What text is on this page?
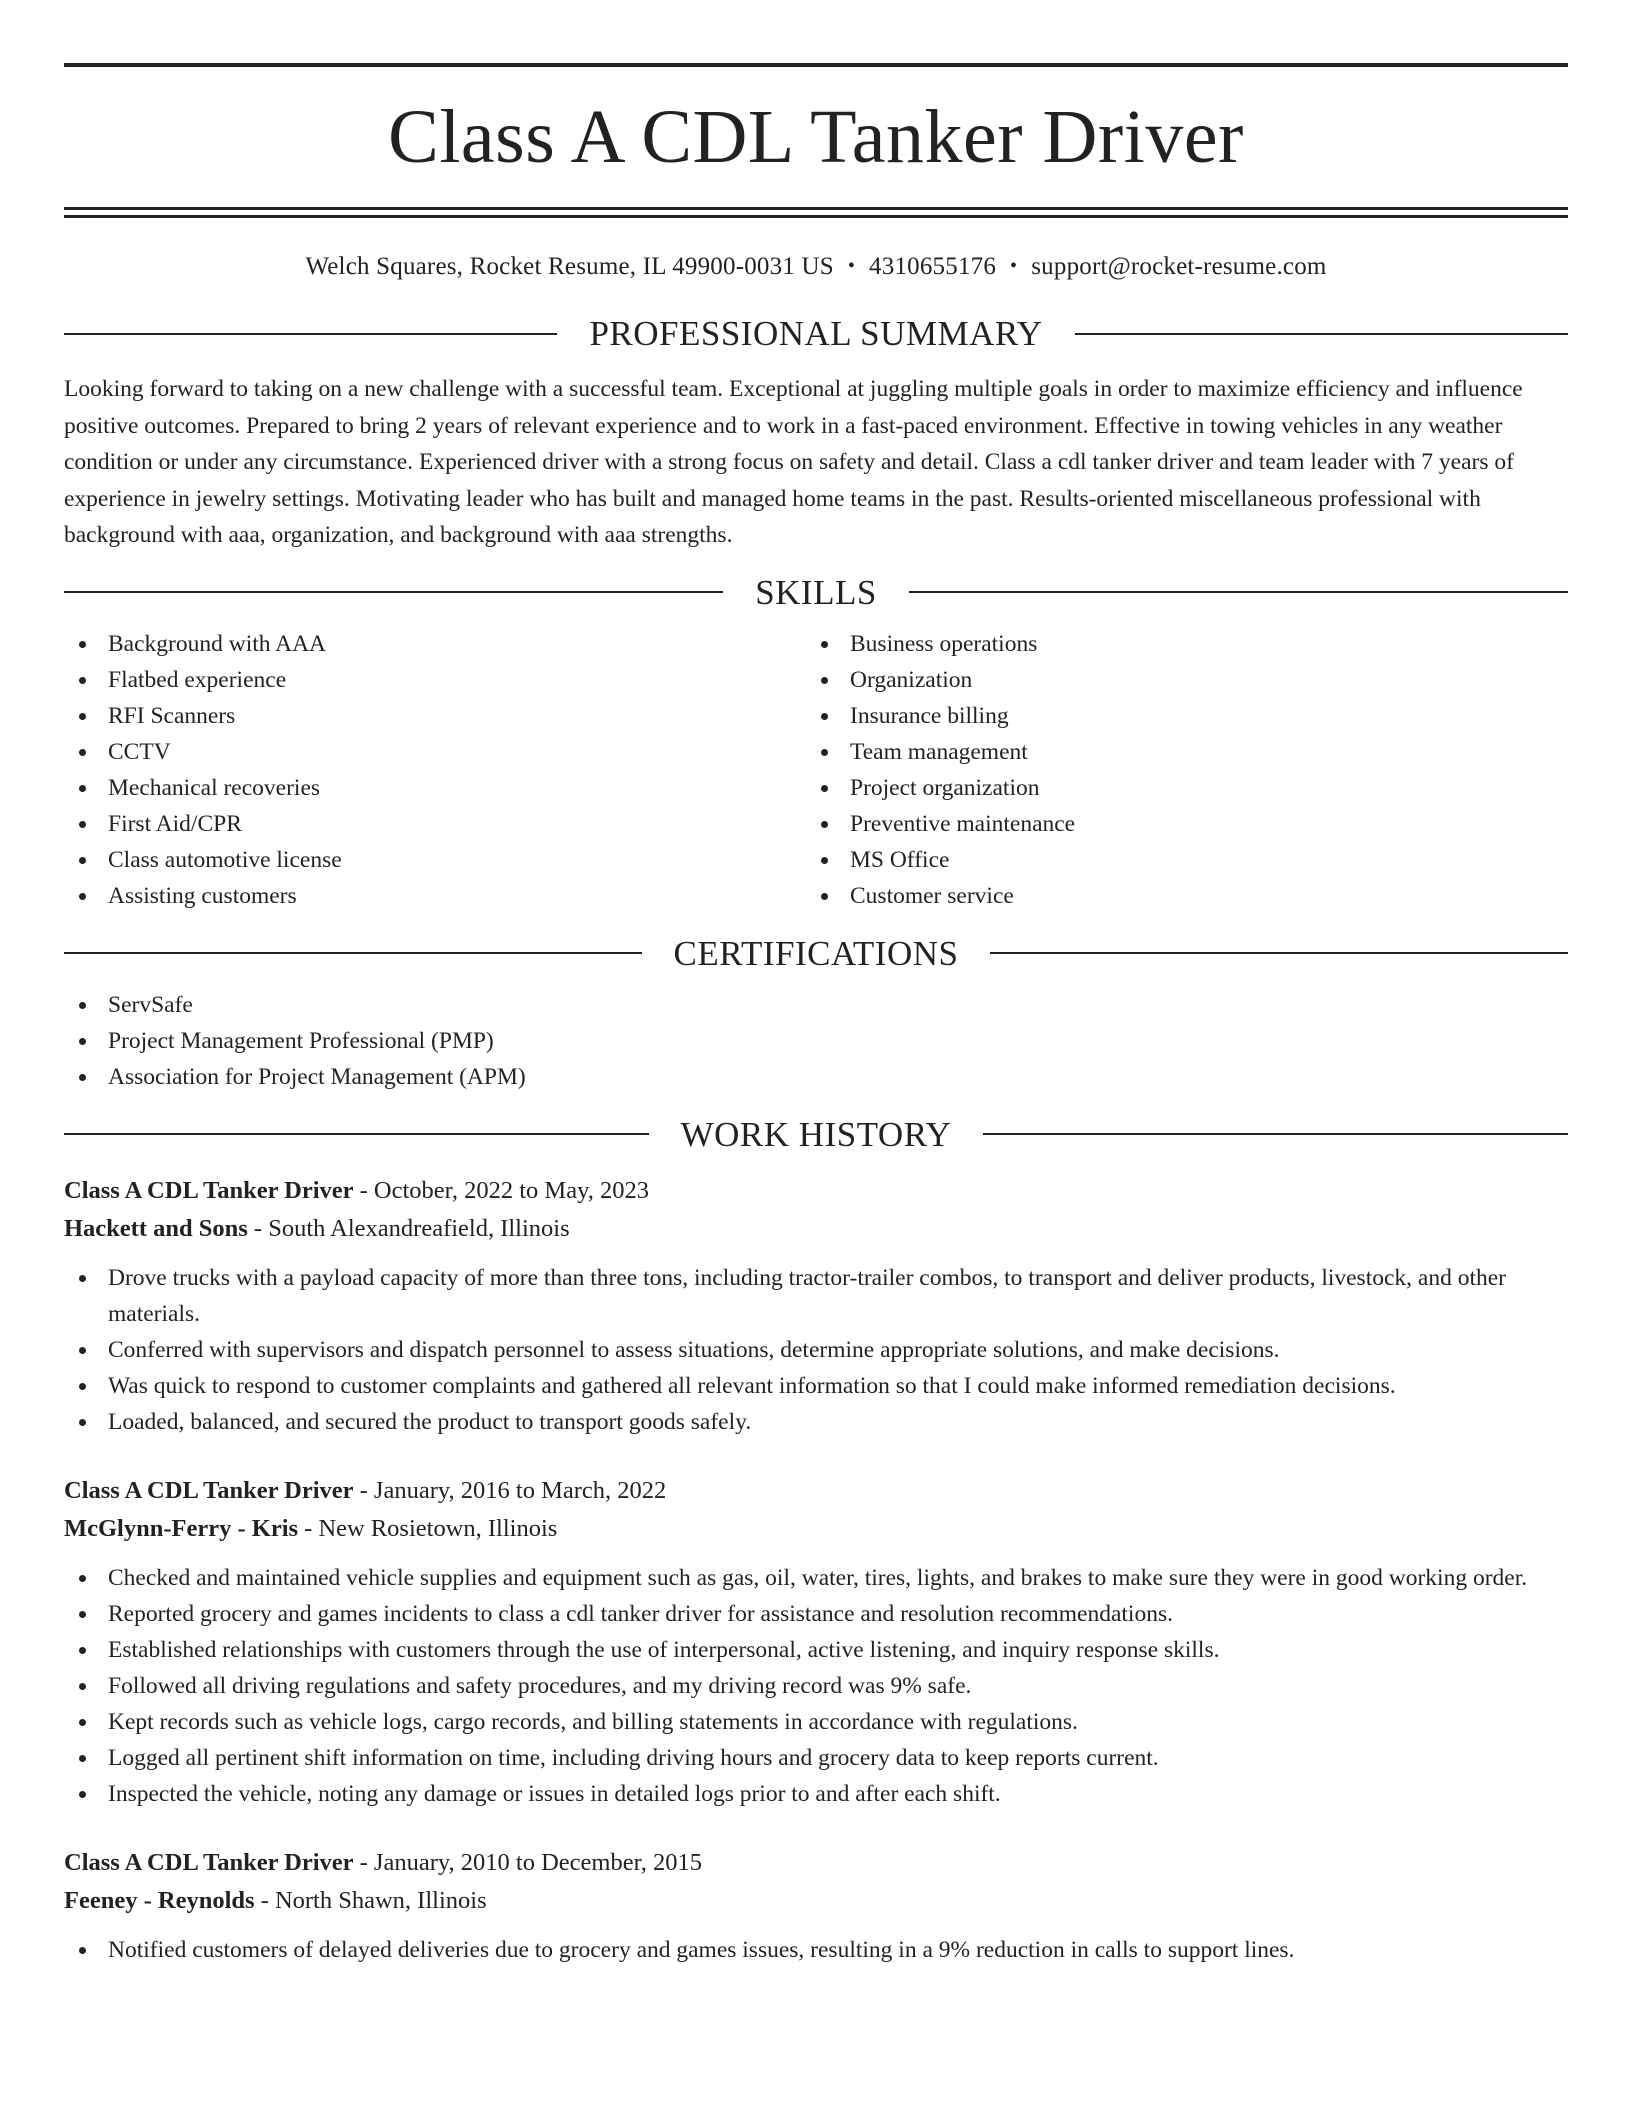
Class A CDL Tanker Driver
Welch Squares, Rocket Resume, IL 49900-0031 US • 4310655176 • support@rocket-resume.com
PROFESSIONAL SUMMARY

Looking forward to taking on a new challenge with a successful team. Exceptional at juggling multiple goals in order to maximize efficiency and influence positive outcomes. Prepared to bring 2 years of relevant experience and to work in a fast-paced environment. Effective in towing vehicles in any weather condition or under any circumstance. Experienced driver with a strong focus on safety and detail. Class a cdl tanker driver and team leader with 7 years of experience in jewelry settings. Motivating leader who has built and managed home teams in the past. Results-oriented miscellaneous professional with background with aaa, organization, and background with aaa strengths.

SKILLS
Background with AAA
Flatbed experience
RFI Scanners
CCTV
Mechanical recoveries
First Aid/CPR
Class automotive license
Assisting customers
Business operations
Organization
Insurance billing
Team management
Project organization
Preventive maintenance
MS Office
Customer service
CERTIFICATIONS
ServSafe
Project Management Professional (PMP)
Association for Project Management (APM)
WORK HISTORY
Class A CDL Tanker Driver - October, 2022 to May, 2023
Hackett and Sons - South Alexandreafield, Illinois
Drove trucks with a payload capacity of more than three tons, including tractor-trailer combos, to transport and deliver products, livestock, and other materials.
Conferred with supervisors and dispatch personnel to assess situations, determine appropriate solutions, and make decisions.
Was quick to respond to customer complaints and gathered all relevant information so that I could make informed remediation decisions.
Loaded, balanced, and secured the product to transport goods safely.
Class A CDL Tanker Driver - January, 2016 to March, 2022
McGlynn-Ferry - Kris - New Rosietown, Illinois
Checked and maintained vehicle supplies and equipment such as gas, oil, water, tires, lights, and brakes to make sure they were in good working order.
Reported grocery and games incidents to class a cdl tanker driver for assistance and resolution recommendations.
Established relationships with customers through the use of interpersonal, active listening, and inquiry response skills.
Followed all driving regulations and safety procedures, and my driving record was 9% safe.
Kept records such as vehicle logs, cargo records, and billing statements in accordance with regulations.
Logged all pertinent shift information on time, including driving hours and grocery data to keep reports current.
Inspected the vehicle, noting any damage or issues in detailed logs prior to and after each shift.
Class A CDL Tanker Driver - January, 2010 to December, 2015
Feeney - Reynolds - North Shawn, Illinois
Notified customers of delayed deliveries due to grocery and games issues, resulting in a 9% reduction in calls to support lines.
